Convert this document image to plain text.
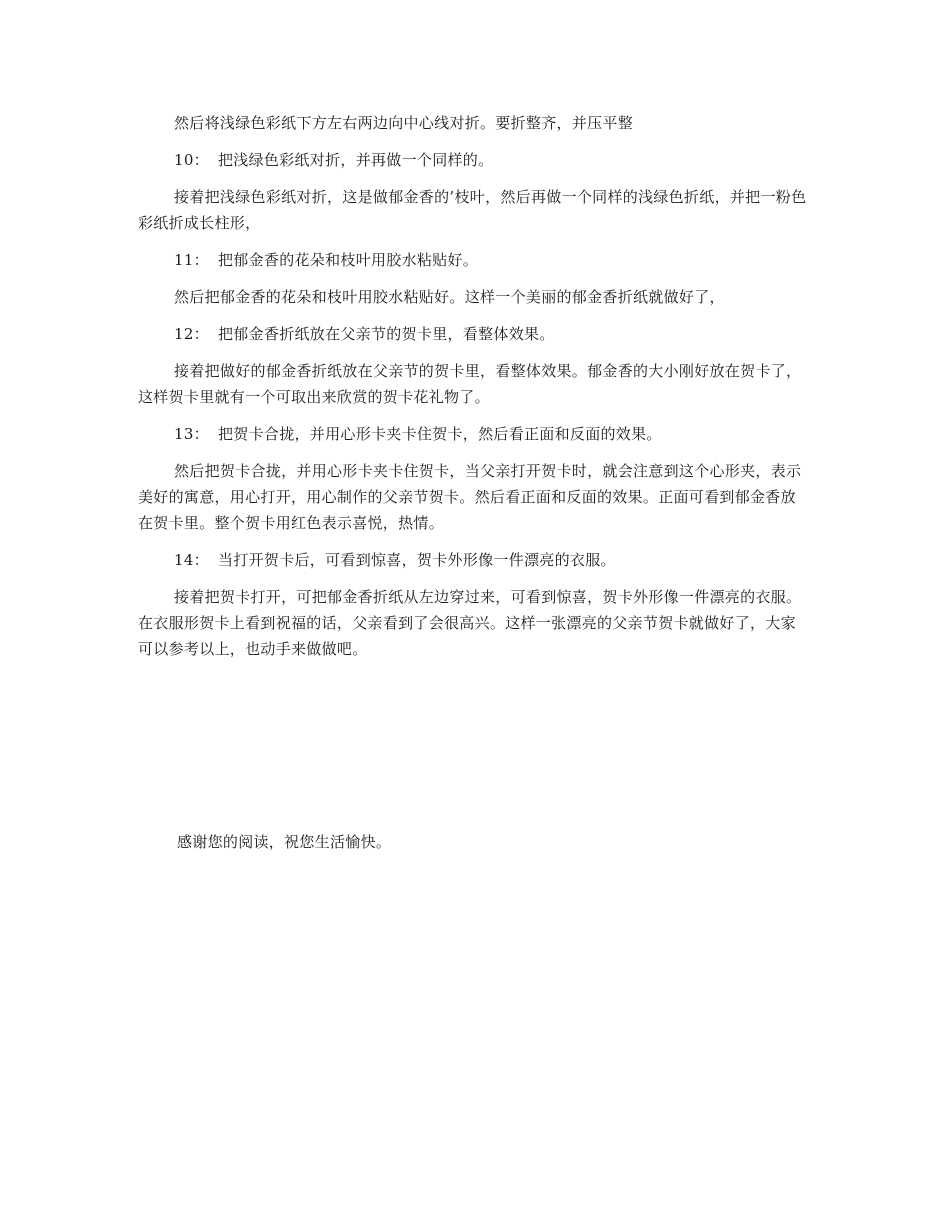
然后将浅绿色彩纸下方左右两边向中心线对折。要折整齐，并压平整

10： 把浅绿色彩纸对折，并再做一个同样的。

接着把浅绿色彩纸对折，这是做郁金香的’枝叶，然后再做一个同样的浅绿色折纸，并把一粉色彩纸折成长柱形，

11： 把郁金香的花朵和枝叶用胶水粘贴好。

然后把郁金香的花朵和枝叶用胶水粘贴好。这样一个美丽的郁金香折纸就做好了，

12： 把郁金香折纸放在父亲节的贺卡里，看整体效果。

接着把做好的郁金香折纸放在父亲节的贺卡里，看整体效果。郁金香的大小刚好放在贺卡了，这样贺卡里就有一个可取出来欣赏的贺卡花礼物了。

13： 把贺卡合拢，并用心形卡夹卡住贺卡，然后看正面和反面的效果。

然后把贺卡合拢，并用心形卡夹卡住贺卡，当父亲打开贺卡时，就会注意到这个心形夹，表示美好的寓意，用心打开，用心制作的父亲节贺卡。然后看正面和反面的效果。正面可看到郁金香放在贺卡里。整个贺卡用红色表示喜悦，热情。

14： 当打开贺卡后，可看到惊喜，贺卡外形像一件漂亮的衣服。

接着把贺卡打开，可把郁金香折纸从左边穿过来，可看到惊喜，贺卡外形像一件漂亮的衣服。在衣服形贺卡上看到祝福的话，父亲看到了会很高兴。这样一张漂亮的父亲节贺卡就做好了，大家可以参考以上，也动手来做做吧。

感谢您的阅读，祝您生活愉快。
